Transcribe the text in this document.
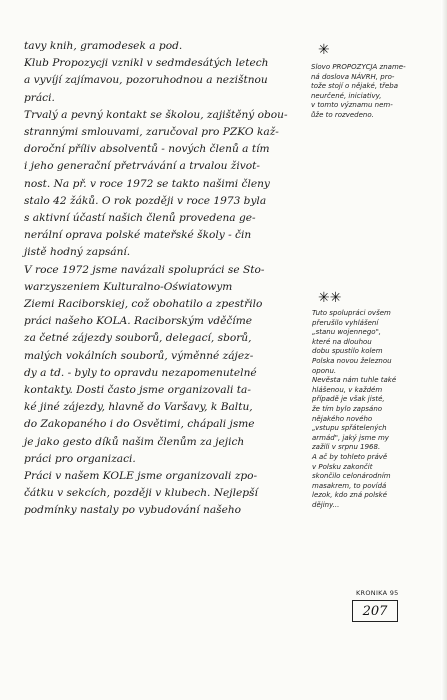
tavy knih, gramodesek a pod.
Klub Propozycji vznikl v sedmdesátých letech
a vyvíjí zajímavou, pozoruhodnou a nezištnou
práci.
Trvalý a pevný kontakt se školou, zajištěný obou-
strannými smlouvami, zaručoval pro PZKO kaž-
doroční příliv absolventů - nových členů a tím
i jeho generační přetrvávání a trvalou život-
nost. Na př. v roce 1972 se takto našimi členy
stalo 42 žáků. O rok později v roce 1973 byla
s aktivní účastí našich členů provedena ge-
nerální oprava polské mateřské školy - čin
jistě hodný zapsání.
V roce 1972 jsme navázali spolupráci se Sto-
warzyszeniem Kulturalno-Oświatowym
Ziemi Raciborskiej, což obohatilo a zpestřilo
práci našeho KOLA. Raciborským vděčíme
za četné zájezdy souborů, delegací, sborů,
malých vokálních souborů, výměnné zájez-
dy a td. - byly to opravdu nezapomenutelné
kontakty. Dosti často jsme organizovali ta-
ké jiné zájezdy, hlavně do Varšavy, k Baltu,
do Zakopaného i do Osvětimi, chápali jsme
je jako gesto díků našim členům za jejich
práci pro organizaci.
Práci v našem KOLE jsme organizovali zpo-
čátku v sekcích, později v klubech. Nejlepší
podmínky nastaly po vybudování našeho

✳
Slovo PROPOZYCJA zname-
ná doslova NÁVRH, pro-
tože stojí o nějaké, třeba
neurčené, iniciativy,
v tomto významu nem-
ůže to rozvedeno.
✳✳
Tuto spolupráci ovšem
přerušilo vyhlášení
„stanu wojennego",
které na dlouhou
dobu spustilo kolem
Polska novou železnou
oponu.
Nevěsta nám tuhle také
hlášenou, v každém
případě je však jisté,
že tím bylo zapsáno
nějakého nového
„vstupu spřátelených
armád", jaký jsme my
zažili v srpnu 1968.
A ač by tohleto právě
v Polsku zakončit
skončilo celonárodním
masakrem, to povídá
lezok, kdo zná polské
dějiny...
KRONIKA 95
207
